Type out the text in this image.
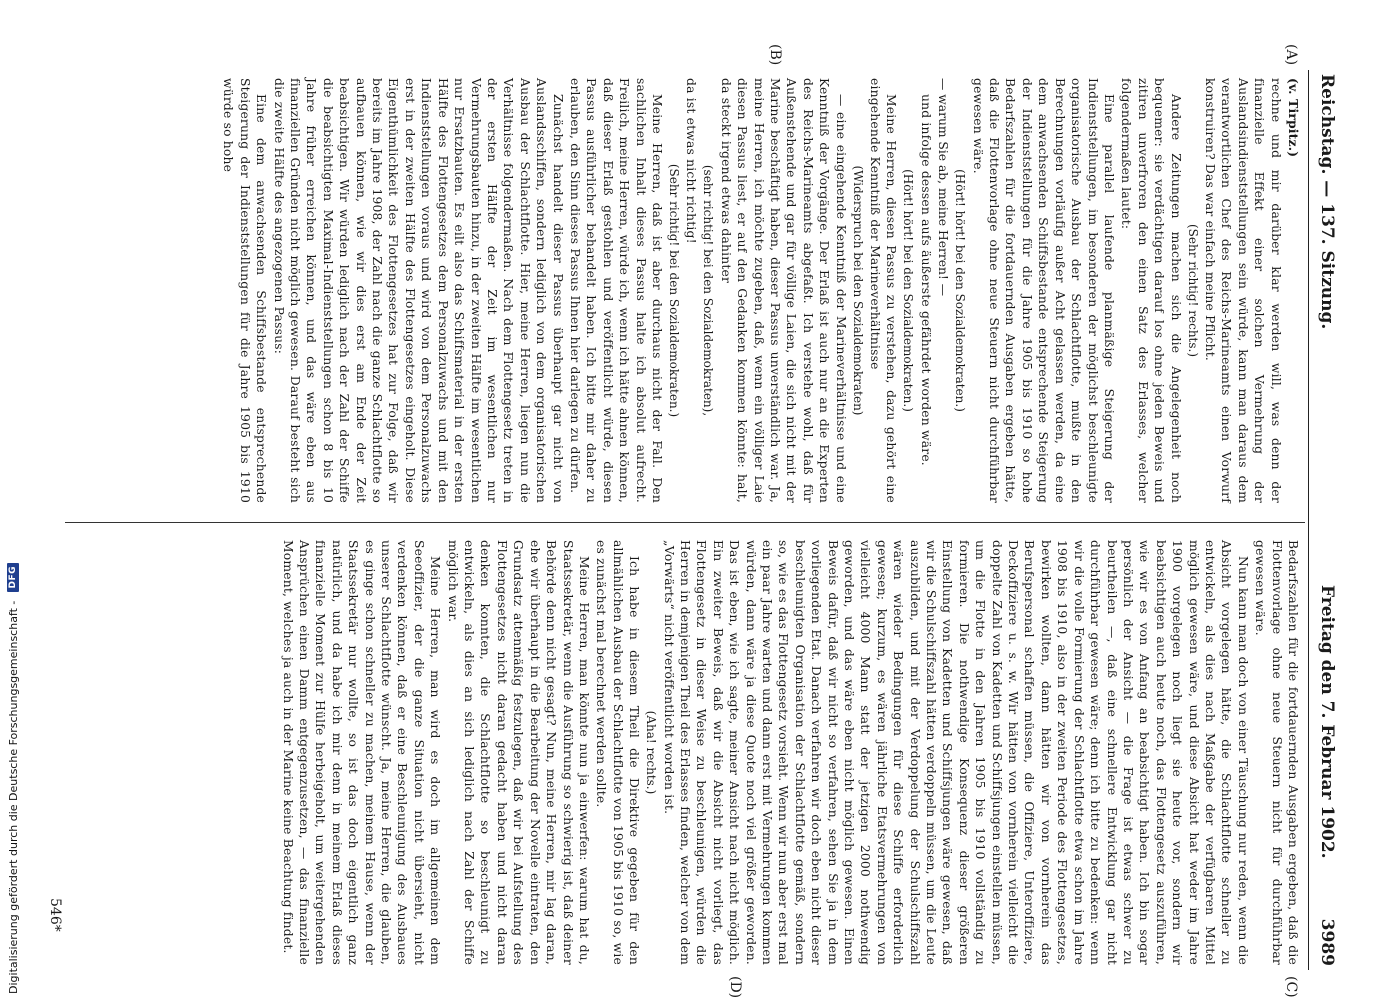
Reichstag. — 137. Sitzung.
Freitag den 7. Februar 1902.
3989
(A)
(B)
(C)
(D)

(v. Tirpitz.)

rechne und mir darüber klar werden will, was denn der finanzielle Effekt einer solchen Vermehrung der Auslandsindienststellungen sein würde, kann man daraus dem verantwortlichen Chef des Reichs-Marineamts einen Vorwurf konstruiren? Das war einfach meine Pflicht.

(Sehr richtig! rechts.)

Andere Zeitungen machen sich die Angelegenheit noch bequemer: sie verdächtigen darauf los ohne jeden Beweis und zitiren unverfroren den einen Satz des Erlasses, welcher folgendermaßen lautet:

Eine parallel laufende planmäßige Steigerung der Indienststellungen, im besonderen der möglichst beschleunigte organisatorische Ausbau der Schlachtflotte, mußte in den Berechnungen vorläufig außer Acht gelassen werden, da eine dem anwachsenden Schiffsbestande entsprechende Steigerung der Indienststellungen für die Jahre 1905 bis 1910 so hohe Bedarfszahlen für die fortdauernden Ausgaben ergeben hätte, daß die Flottenvorlage ohne neue Steuern nicht durchführbar gewesen wäre.

(Hört! hört! bei den Sozialdemokraten.)

— warum Sie ab, meine Herren! —

und infolge dessen aufs äußerste gefährdet worden wäre.

(Hört! hört! bei den Sozialdemokraten.)

Meine Herren, diesen Passus zu verstehen, dazu gehört eine eingehende Kenntniß der Marineverhältnisse

(Widerspruch bei den Sozialdemokraten)

— eine eingehende Kenntniß der Marineverhältnisse und eine Kenntniß der Vorgänge. Der Erlaß ist auch nur an die Experten des Reichs-Marineamts abgefaßt. Ich verstehe wohl, daß für Außenstehende und gar für völlige Laien, die sich nicht mit der Marine beschäftigt haben, dieser Passus unverständlich war. Ja, meine Herren, ich möchte zugeben, daß, wenn ein völliger Laie diesen Passus liest, er auf den Gedanken kommen könnte: halt, da steckt irgend etwas dahinter

(sehr richtig! bei den Sozialdemokraten),

da ist etwas nicht richtig!

(Sehr richtig! bei den Sozialdemokraten.)

Meine Herren, daß ist aber durchaus nicht der Fall. Den sachlichen Inhalt dieses Passus halte ich absolut aufrecht. Freilich, meine Herren, würde ich, wenn ich hätte ahnen können, daß dieser Erlaß gestohlen und veröffentlicht würde, diesen Passus ausführlicher behandelt haben. Ich bitte mir daher zu erlauben, den Sinn dieses Passus Ihnen hier darlegen zu dürfen.

Zunächst handelt dieser Passus überhaupt gar nicht von Auslandsschiffen, sondern lediglich von dem organisatorischen Ausbau der Schlachtflotte. Hier, meine Herren, liegen nun die Verhältnisse folgendermaßen. Nach dem Flottengesetz treten in der ersten Hälfte der Zeit im wesentlichen nur Vermehrungsbauten hinzu, in der zweiten Hälfte im wesentlichen nur Ersatzbauten. Es eilt also das Schiffsmaterial in der ersten Hälfte des Flottengesetzes dem Personalzuwachs und mit den Indienststellungen voraus und wird von dem Personalzuwachs erst in der zweiten Hälfte des Flottengesetzes eingeholt. Diese Eigenthümlichkeit des Flottengesetzes hat zur Folge, daß wir bereits im Jahre 1908, der Zahl nach die ganze Schlachtflotte so aufbauen können, wie wir dies erst am Ende der Zeit beabsichtigen. Wir würden lediglich nach der Zahl der Schiffe die beabsichtigten Maximal-Indienststellungen schon 8 bis 10 Jahre früher erreichen können, und das wäre eben aus finanziellen Gründen nicht möglich gewesen. Darauf besteht sich die zweite Hälfte des angezogenen Passus:

Eine dem anwachsenden Schiffsbestande entsprechende Steigerung der Indienststellungen für die Jahre 1905 bis 1910 würde so hohe

Bedarfszahlen für die fortdauernden Ausgaben ergeben, daß die Flottenvorlage ohne neue Steuern nicht für durchführbar gewesen wäre.

Nun kann man doch von einer Täuschung nur reden, wenn die Absicht vorgelegen hätte, die Schlachtflotte schneller zu entwickeln, als dies nach Maßgabe der verfügbaren Mittel möglich gewesen wäre, und diese Absicht hat weder im Jahre 1900 vorgelegen noch liegt sie heute vor, sondern wir beabsichtigen auch heute noch, das Flottengesetz auszuführen, wie wir es von Anfang an beabsichtigt haben. Ich bin sogar persönlich der Ansicht — die Frage ist etwas schwer zu beurtheilen —, daß eine schnellere Entwicklung gar nicht durchführbar gewesen wäre; denn ich bitte zu bedenken: wenn wir die volle Formierung der Schlachtflotte etwa schon im Jahre 1908 bis 1910, also in der zweiten Periode des Flottengesetzes, bewirken wollten, dann hätten wir von vornherein das Berufspersonal schaffen müssen, die Offiziere, Unteroffiziere, Deckoffiziere u. s. w. Wir hätten von vornherein vielleicht die doppelte Zahl von Kadetten und Schiffsjungen einstellen müssen, um die Flotte in den Jahren 1905 bis 1910 vollständig zu formieren. Die nothwendige Konsequenz dieser größeren Einstellung von Kadetten und Schiffsjungen wäre gewesen, daß wir die Schulschiffszahl hätten verdoppeln müssen, um die Leute auszubilden, und mit der Verdoppelung der Schulschiffszahl wären wieder Bedingungen für diese Schiffe erforderlich gewesen; kurzum, es wären jährliche Etatsvermehrungen von vielleicht 4000 Mann statt der jetzigen 2000 nothwendig geworden, und das wäre eben nicht möglich gewesen. Einen Beweis dafür, daß wir nicht so verfahren, sehen Sie ja in dem vorliegenden Etat. Danach verfahren wir doch eben nicht dieser beschleunigten Organisation der Schlachtflotte gemäß, sondern so, wie es das Flottengesetz vorsieht. Wenn wir nun aber erst mal ein paar Jahre warten und dann erst mit Vermehrungen kommen würden, dann wäre ja diese Quote noch viel größer geworden. Das ist eben, wie ich sagte, meiner Ansicht nach nicht möglich. Ein zweiter Beweis, daß wir die Absicht nicht vorliegt, das Flottengesetz in dieser Weise zu beschleunigen, würden die Herren in demjenigen Theil des Erlasses finden, welcher von dem „Vorwärts“ nicht veröffentlicht worden ist.

(Aha! rechts.)

Ich habe in diesem Theil die Direktive gegeben für den allmählichen Ausbau der Schlachtflotte von 1905 bis 1910 so, wie es zunächst mal berechnet werden sollte.

Meine Herren, man könnte nun ja einwerfen: warum hat du, Staatssekretär, wenn die Ausführung so schwierig ist, daß deiner Behörde denn nicht gesagt? Nun, meine Herren, mir lag daran, ehe wir überhaupt in die Bearbeitung der Novelle eintraten, den Grundsatz attenmäßig festzulegen, daß wir bei Aufstellung des Flottengesetzes nicht daran gedacht haben und nicht daran denken konnten, die Schlachtflotte so beschleunigt zu entwickeln, als dies an sich lediglich nach Zahl der Schiffe möglich war.

Meine Herren, man wird es doch im allgemeinen dem Seeoffizier, der die ganze Situation nicht übersieht, nicht verdenken können, daß er eine Beschleunigung des Ausbaues unserer Schlachtflotte wünscht. Ja, meine Herren, die glauben, es ginge schon schneller zu machen, meinem Hause, wenn der Staatssekretär nur wollte, so ist das doch eigentlich ganz natürlich, und da habe ich mir denn in meinem Erlaß dieses finanzielle Moment zur Hülfe herbeigeholt, um weitergehenden Ansprüchen einen Damm entgegenzusetzen, — das finanzielle Moment, welches ja auch in der Marine keine Beachtung findet.

546*
Digitalisierung gefördert durch die Deutsche Forschungsgemeinschaft - DFG
